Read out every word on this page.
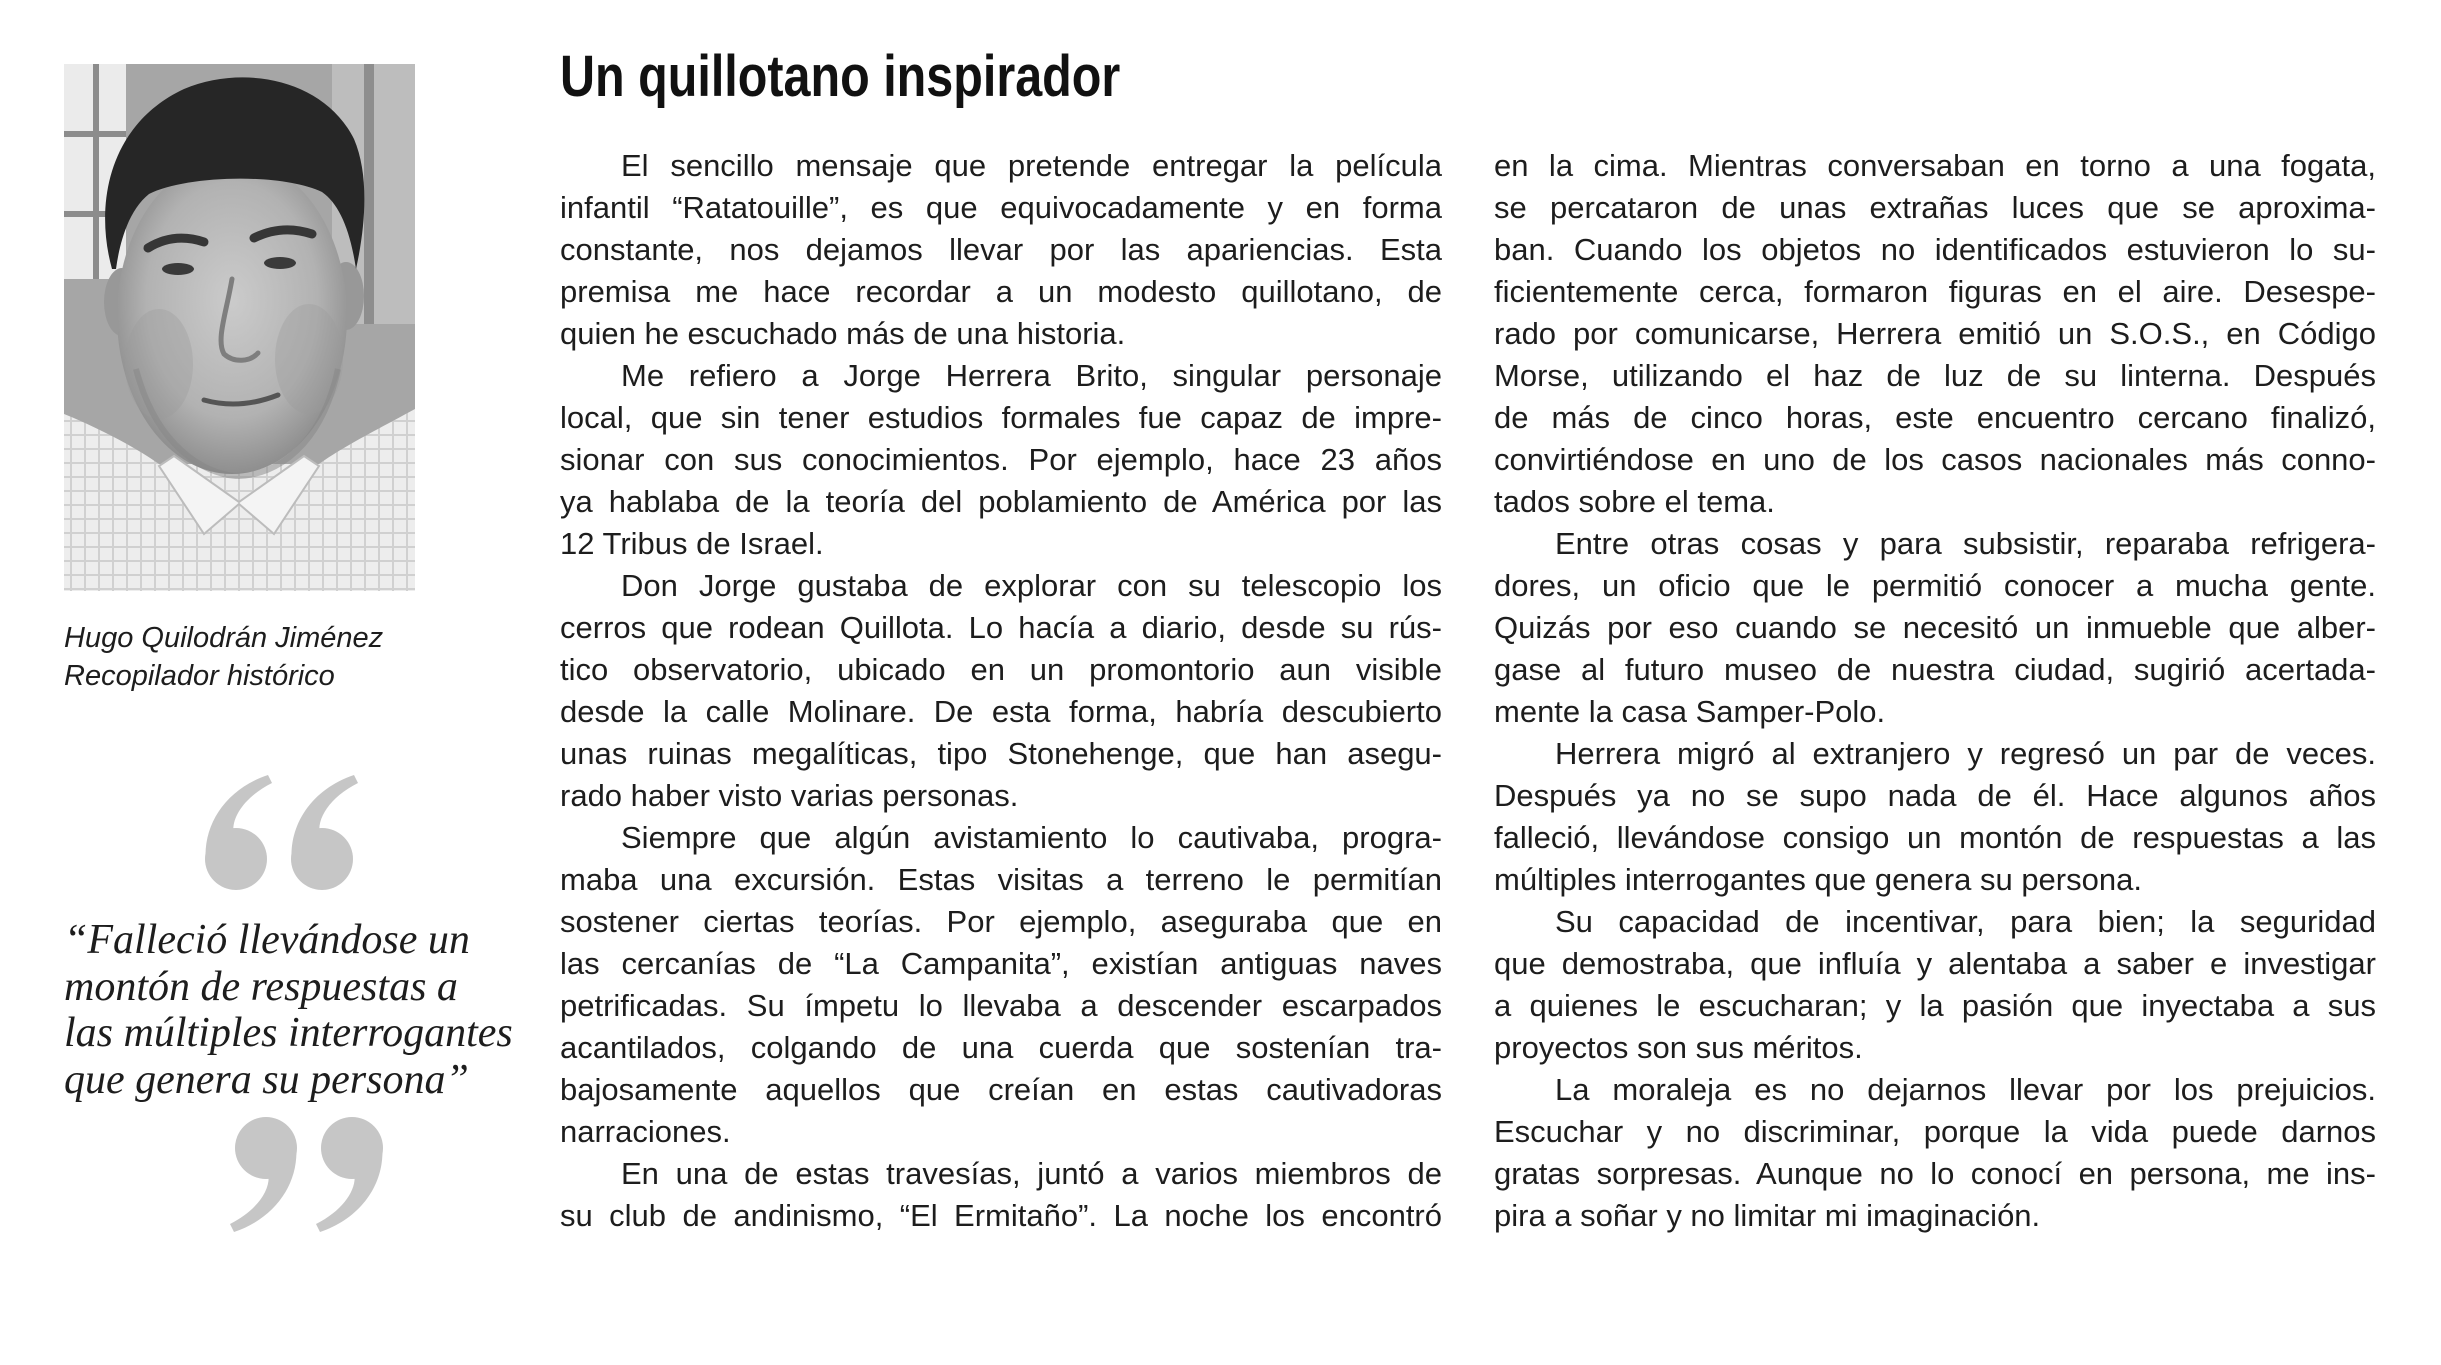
Hugo Quilodrán Jiménez
Recopilador histórico
“Falleció llevándose un
montón de respuestas a
las múltiples interrogantes
que genera su persona”
Un quillotano inspirador
El sencillo mensaje que pretende entregar la película
infantil “Ratatouille”, es que equivocadamente y en forma
constante, nos dejamos llevar por las apariencias. Esta
premisa me hace recordar a un modesto quillotano, de
quien he escuchado más de una historia.
Me refiero a Jorge Herrera Brito, singular personaje
local, que sin tener estudios formales fue capaz de impre-
sionar con sus conocimientos. Por ejemplo, hace 23 años
ya hablaba de la teoría del poblamiento de América por las
12 Tribus de Israel.
Don Jorge gustaba de explorar con su telescopio los
cerros que rodean Quillota. Lo hacía a diario, desde su rús-
tico observatorio, ubicado en un promontorio aun visible
desde la calle Molinare. De esta forma, habría descubierto
unas ruinas megalíticas, tipo Stonehenge, que han asegu-
rado haber visto varias personas.
Siempre que algún avistamiento lo cautivaba, progra-
maba una excursión. Estas visitas a terreno le permitían
sostener ciertas teorías. Por ejemplo, aseguraba que en
las cercanías de “La Campanita”, existían antiguas naves
petrificadas. Su ímpetu lo llevaba a descender escarpados
acantilados, colgando de una cuerda que sostenían tra-
bajosamente aquellos que creían en estas cautivadoras
narraciones.
En una de estas travesías, juntó a varios miembros de
su club de andinismo, “El Ermitaño”. La noche los encontró
en la cima. Mientras conversaban en torno a una fogata,
se percataron de unas extrañas luces que se aproxima-
ban. Cuando los objetos no identificados estuvieron lo su-
ficientemente cerca, formaron figuras en el aire. Desespe-
rado por comunicarse, Herrera emitió un S.O.S., en Código
Morse, utilizando el haz de luz de su linterna. Después
de más de cinco horas, este encuentro cercano finalizó,
convirtiéndose en uno de los casos nacionales más conno-
tados sobre el tema.
Entre otras cosas y para subsistir, reparaba refrigera-
dores, un oficio que le permitió conocer a mucha gente.
Quizás por eso cuando se necesitó un inmueble que alber-
gase al futuro museo de nuestra ciudad, sugirió acertada-
mente la casa Samper-Polo.
Herrera migró al extranjero y regresó un par de veces.
Después ya no se supo nada de él. Hace algunos años
falleció, llevándose consigo un montón de respuestas a las
múltiples interrogantes que genera su persona.
Su capacidad de incentivar, para bien; la seguridad
que demostraba, que influía y alentaba a saber e investigar
a quienes le escucharan; y la pasión que inyectaba a sus
proyectos son sus méritos.
La moraleja es no dejarnos llevar por los prejuicios.
Escuchar y no discriminar, porque la vida puede darnos
gratas sorpresas. Aunque no lo conocí en persona, me ins-
pira a soñar y no limitar mi imaginación.
